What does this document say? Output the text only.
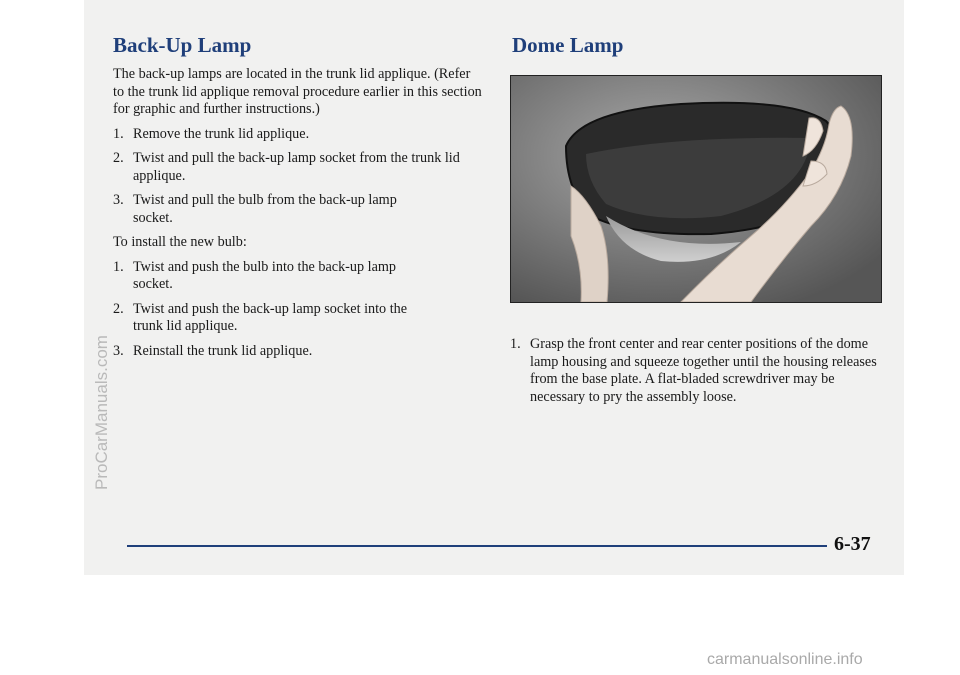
Back-Up Lamp

The back-up lamps are located in the trunk lid applique. (Refer to the trunk lid applique removal procedure earlier in this section for graphic and further instructions.)

1. Remove the trunk lid applique.
2. Twist and pull the back-up lamp socket from the trunk lid applique.
3. Twist and pull the bulb from the back-up lamp socket.

To install the new bulb:

1. Twist and push the bulb into the back-up lamp socket.
2. Twist and push the back-up lamp socket into the trunk lid applique.
3. Reinstall the trunk lid applique.
Dome Lamp
1. Grasp the front center and rear center positions of the dome lamp housing and squeeze together until the housing releases from the base plate. A flat-bladed screwdriver may be necessary to pry the assembly loose.
6-37
ProCarManuals.com
carmanualsonline.info
